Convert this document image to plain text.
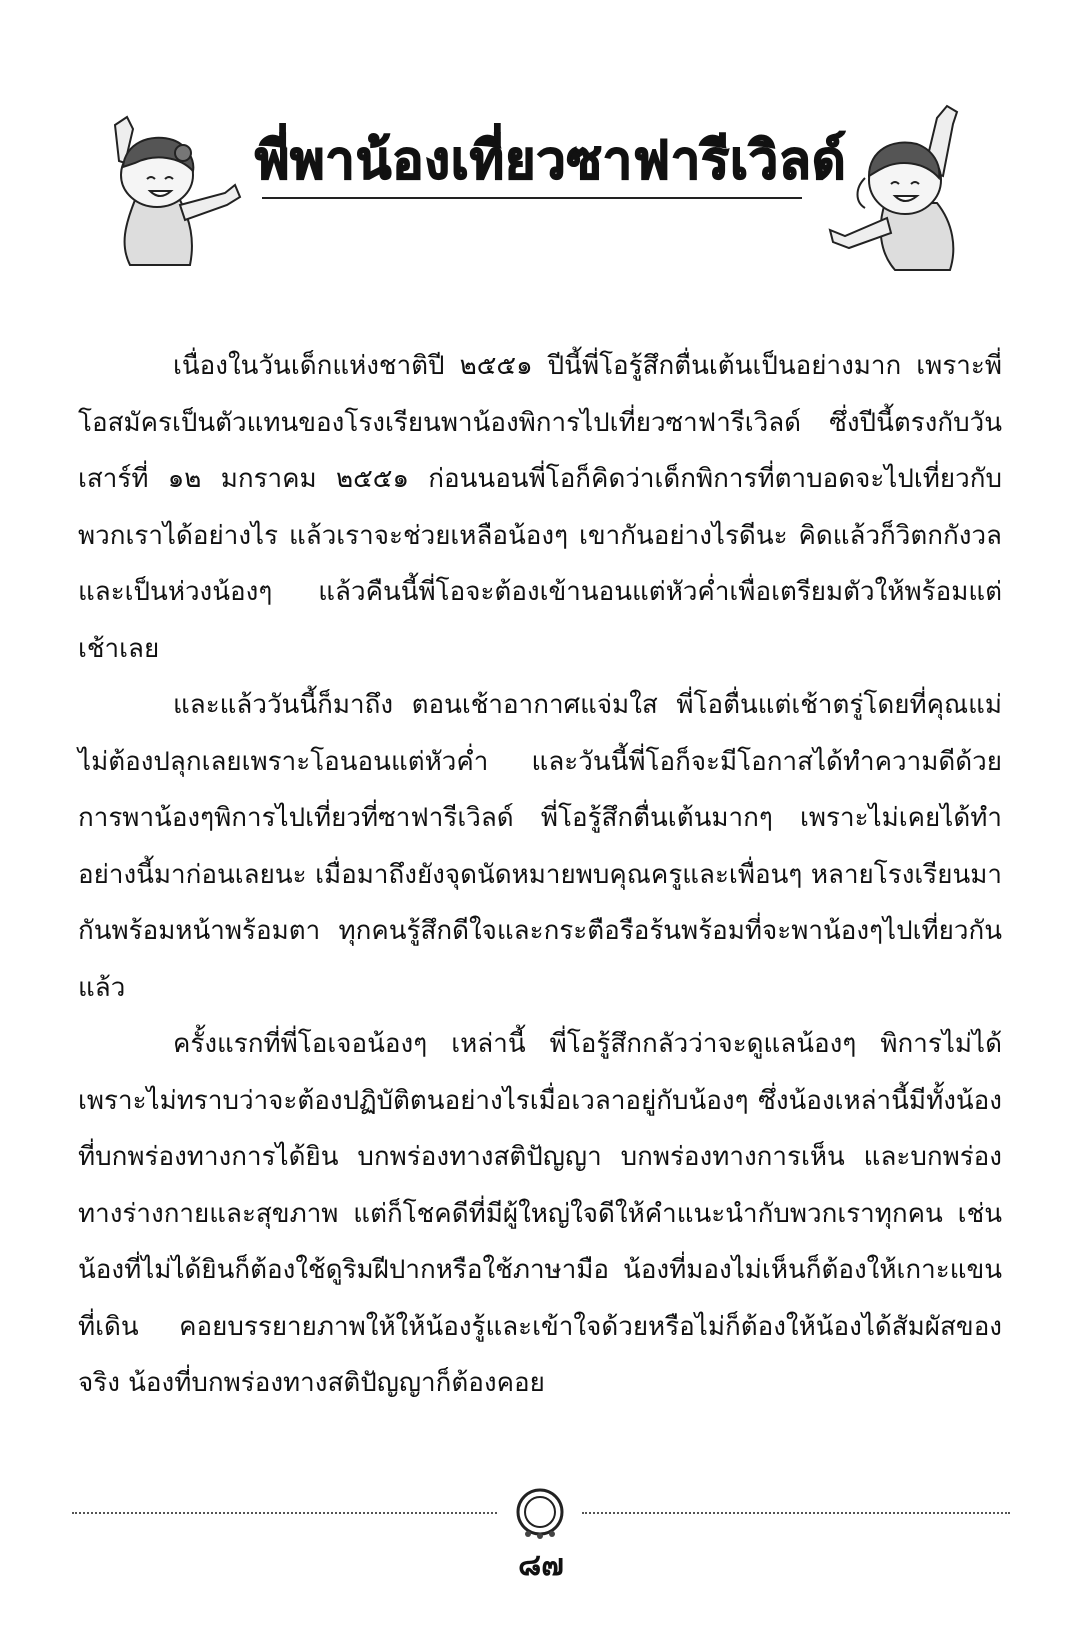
พี่พาน้องเที่ยวซาฟารีเวิลด์

เนื่องในวันเด็กแห่งชาติปี ๒๕๕๑ ปีนี้พี่โอรู้สึกตื่นเต้นเป็นอย่างมาก เพราะพี่โอสมัครเป็นตัวแทนของโรงเรียนพาน้องพิการไปเที่ยวซาฟารีเวิลด์ ซึ่งปีนี้ตรงกับวันเสาร์ที่ ๑๒ มกราคม ๒๕๕๑ ก่อนนอนพี่โอก็คิดว่าเด็กพิการที่ตาบอดจะไปเที่ยวกับพวกเราได้อย่างไร แล้วเราจะช่วยเหลือน้องๆ เขากันอย่างไรดีนะ คิดแล้วก็วิตกกังวลและเป็นห่วงน้องๆ แล้วคืนนี้พี่โอจะต้องเข้านอนแต่หัวค่ำเพื่อเตรียมตัวให้พร้อมแต่เช้าเลย

และแล้ววันนี้ก็มาถึง ตอนเช้าอากาศแจ่มใส พี่โอตื่นแต่เช้าตรู่โดยที่คุณแม่ไม่ต้องปลุกเลยเพราะโอนอนแต่หัวค่ำ และวันนี้พี่โอก็จะมีโอกาสได้ทำความดีด้วยการพาน้องๆพิการไปเที่ยวที่ซาฟารีเวิลด์ พี่โอรู้สึกตื่นเต้นมากๆ เพราะไม่เคยได้ทำอย่างนี้มาก่อนเลยนะ เมื่อมาถึงยังจุดนัดหมายพบคุณครูและเพื่อนๆ หลายโรงเรียนมากันพร้อมหน้าพร้อมตา ทุกคนรู้สึกดีใจและกระตือรือร้นพร้อมที่จะพาน้องๆไปเที่ยวกันแล้ว

ครั้งแรกที่พี่โอเจอน้องๆ เหล่านี้ พี่โอรู้สึกกลัวว่าจะดูแลน้องๆ พิการไม่ได้เพราะไม่ทราบว่าจะต้องปฏิบัติตนอย่างไรเมื่อเวลาอยู่กับน้องๆ ซึ่งน้องเหล่านี้มีทั้งน้องที่บกพร่องทางการได้ยิน บกพร่องทางสติปัญญา บกพร่องทางการเห็น และบกพร่องทางร่างกายและสุขภาพ แต่ก็โชคดีที่มีผู้ใหญ่ใจดีให้คำแนะนำกับพวกเราทุกคน เช่น น้องที่ไม่ได้ยินก็ต้องใช้ดูริมฝีปากหรือใช้ภาษามือ น้องที่มองไม่เห็นก็ต้องให้เกาะแขนที่เดิน คอยบรรยายภาพให้ให้น้องรู้และเข้าใจด้วยหรือไม่ก็ต้องให้น้องได้สัมผัสของจริง น้องที่บกพร่องทางสติปัญญาก็ต้องคอย

๘๗
